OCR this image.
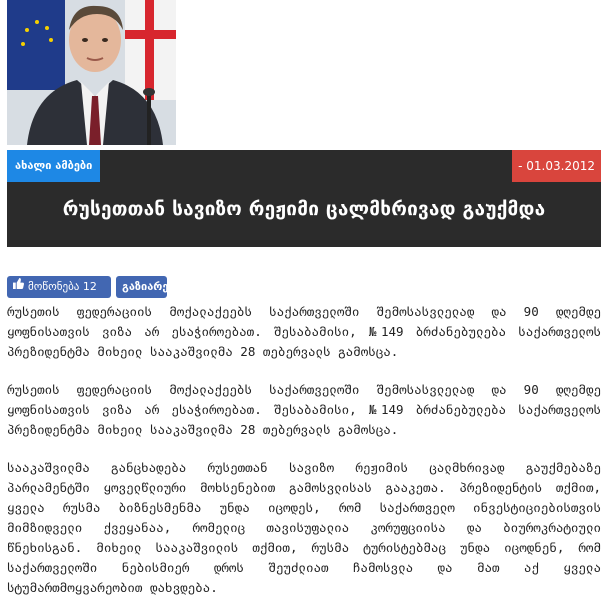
ახალი ამბები	- 01.03.2012
რუსეთთან სავიზო რეჟიმი ცალმხრივად გაუქმდა
მოწონება 12	გაზიარება

რუსეთის ფედერაციის მოქალაქეებს საქართველოში შემოსასვლელად და 90 დღემდე ყოფნისათვის ვიზა არ ესაჭიროებათ. შესაბამისი, №149 ბრძანებულება საქართველოს პრეზიდენტმა მიხეილ სააკაშვილმა 28 თებერვალს გამოსცა.

რუსეთის ფედერაციის მოქალაქეებს საქართველოში შემოსასვლელად და 90 დღემდე ყოფნისათვის ვიზა არ ესაჭიროებათ. შესაბამისი, №149 ბრძანებულება საქართველოს პრეზიდენტმა მიხეილ სააკაშვილმა 28 თებერვალს გამოსცა.

სააკაშვილმა განცხადება რუსეთთან სავიზო რეჟიმის ცალმხრივად გაუქმებაზე პარლამენტში ყოველწლიური მოხსენებით გამოსვლისას გააკეთა. პრეზიდენტის თქმით, ყველა რუსმა ბიზნესმენმა უნდა იცოდეს, რომ საქართველო ინვესტიციებისთვის მიმზიდველი ქვეყანაა, რომელიც თავისუფალია კორუფციისა და ბიუროკრატიული წნეხისგან. მიხეილ სააკაშვილის თქმით, რუსმა ტურისტებმაც უნდა იცოდნენ, რომ საქართველოში ნებისმიერ დროს შეუძლიათ ჩამოსვლა და მათ აქ ყველა სტუმართმოყვარეობით დახვდება.
